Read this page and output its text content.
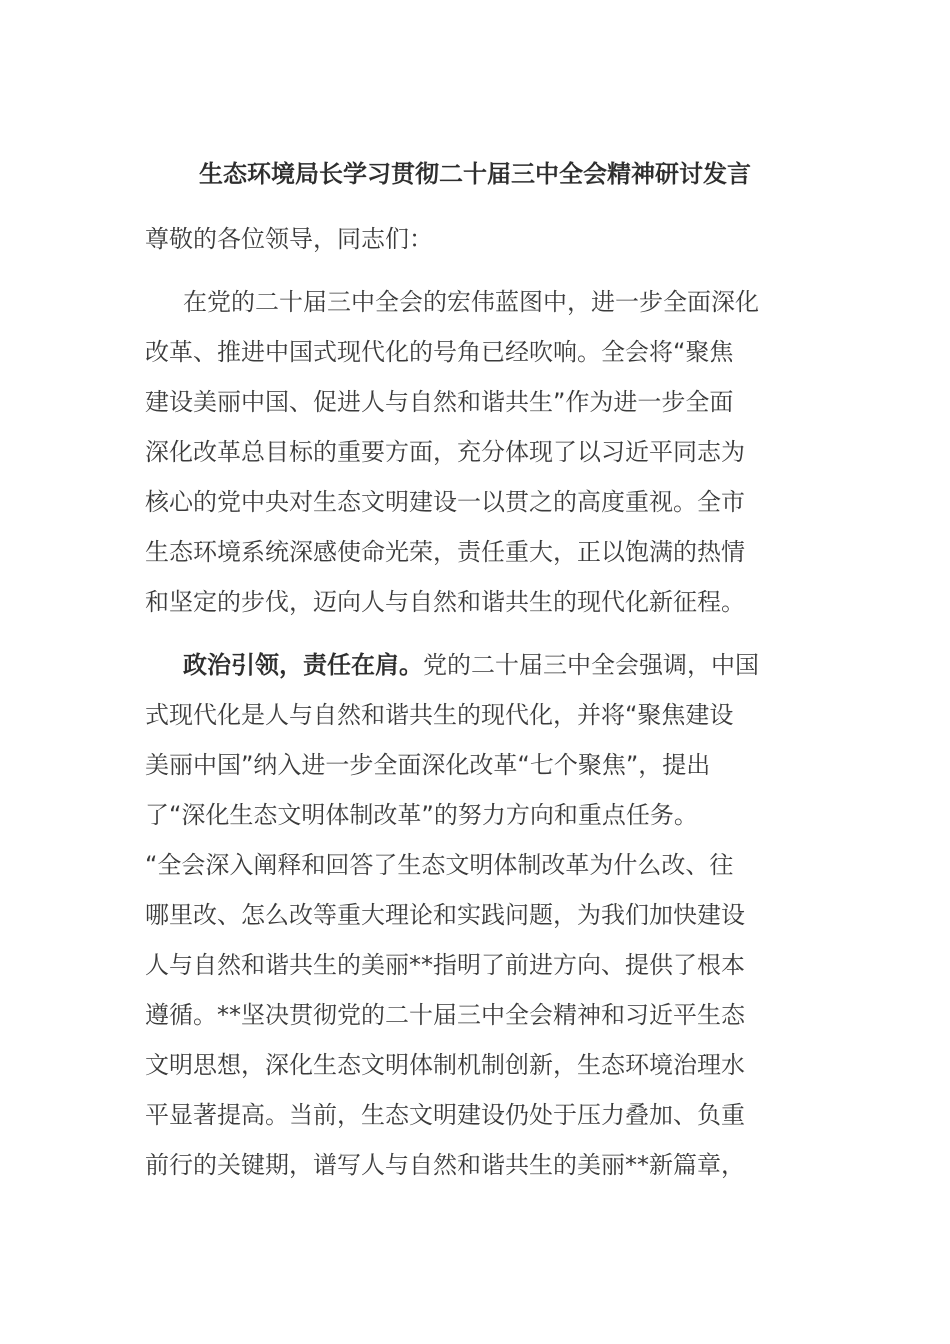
生态环境局长学习贯彻二十届三中全会精神研讨发言
尊敬的各位领导，同志们：
在党的二十届三中全会的宏伟蓝图中，进一步全面深化
改革、推进中国式现代化的号角已经吹响。全会将“聚焦
建设美丽中国、促进人与自然和谐共生”作为进一步全面
深化改革总目标的重要方面，充分体现了以习近平同志为
核心的党中央对生态文明建设一以贯之的高度重视。全市
生态环境系统深感使命光荣，责任重大，正以饱满的热情
和坚定的步伐，迈向人与自然和谐共生的现代化新征程。
政治引领，责任在肩。党的二十届三中全会强调，中国
式现代化是人与自然和谐共生的现代化，并将“聚焦建设
美丽中国”纳入进一步全面深化改革“七个聚焦”，提出
了“深化生态文明体制改革”的努力方向和重点任务。
“全会深入阐释和回答了生态文明体制改革为什么改、往
哪里改、怎么改等重大理论和实践问题，为我们加快建设
人与自然和谐共生的美丽**指明了前进方向、提供了根本
遵循。**坚决贯彻党的二十届三中全会精神和习近平生态
文明思想，深化生态文明体制机制创新，生态环境治理水
平显著提高。当前，生态文明建设仍处于压力叠加、负重
前行的关键期，谱写人与自然和谐共生的美丽**新篇章，
